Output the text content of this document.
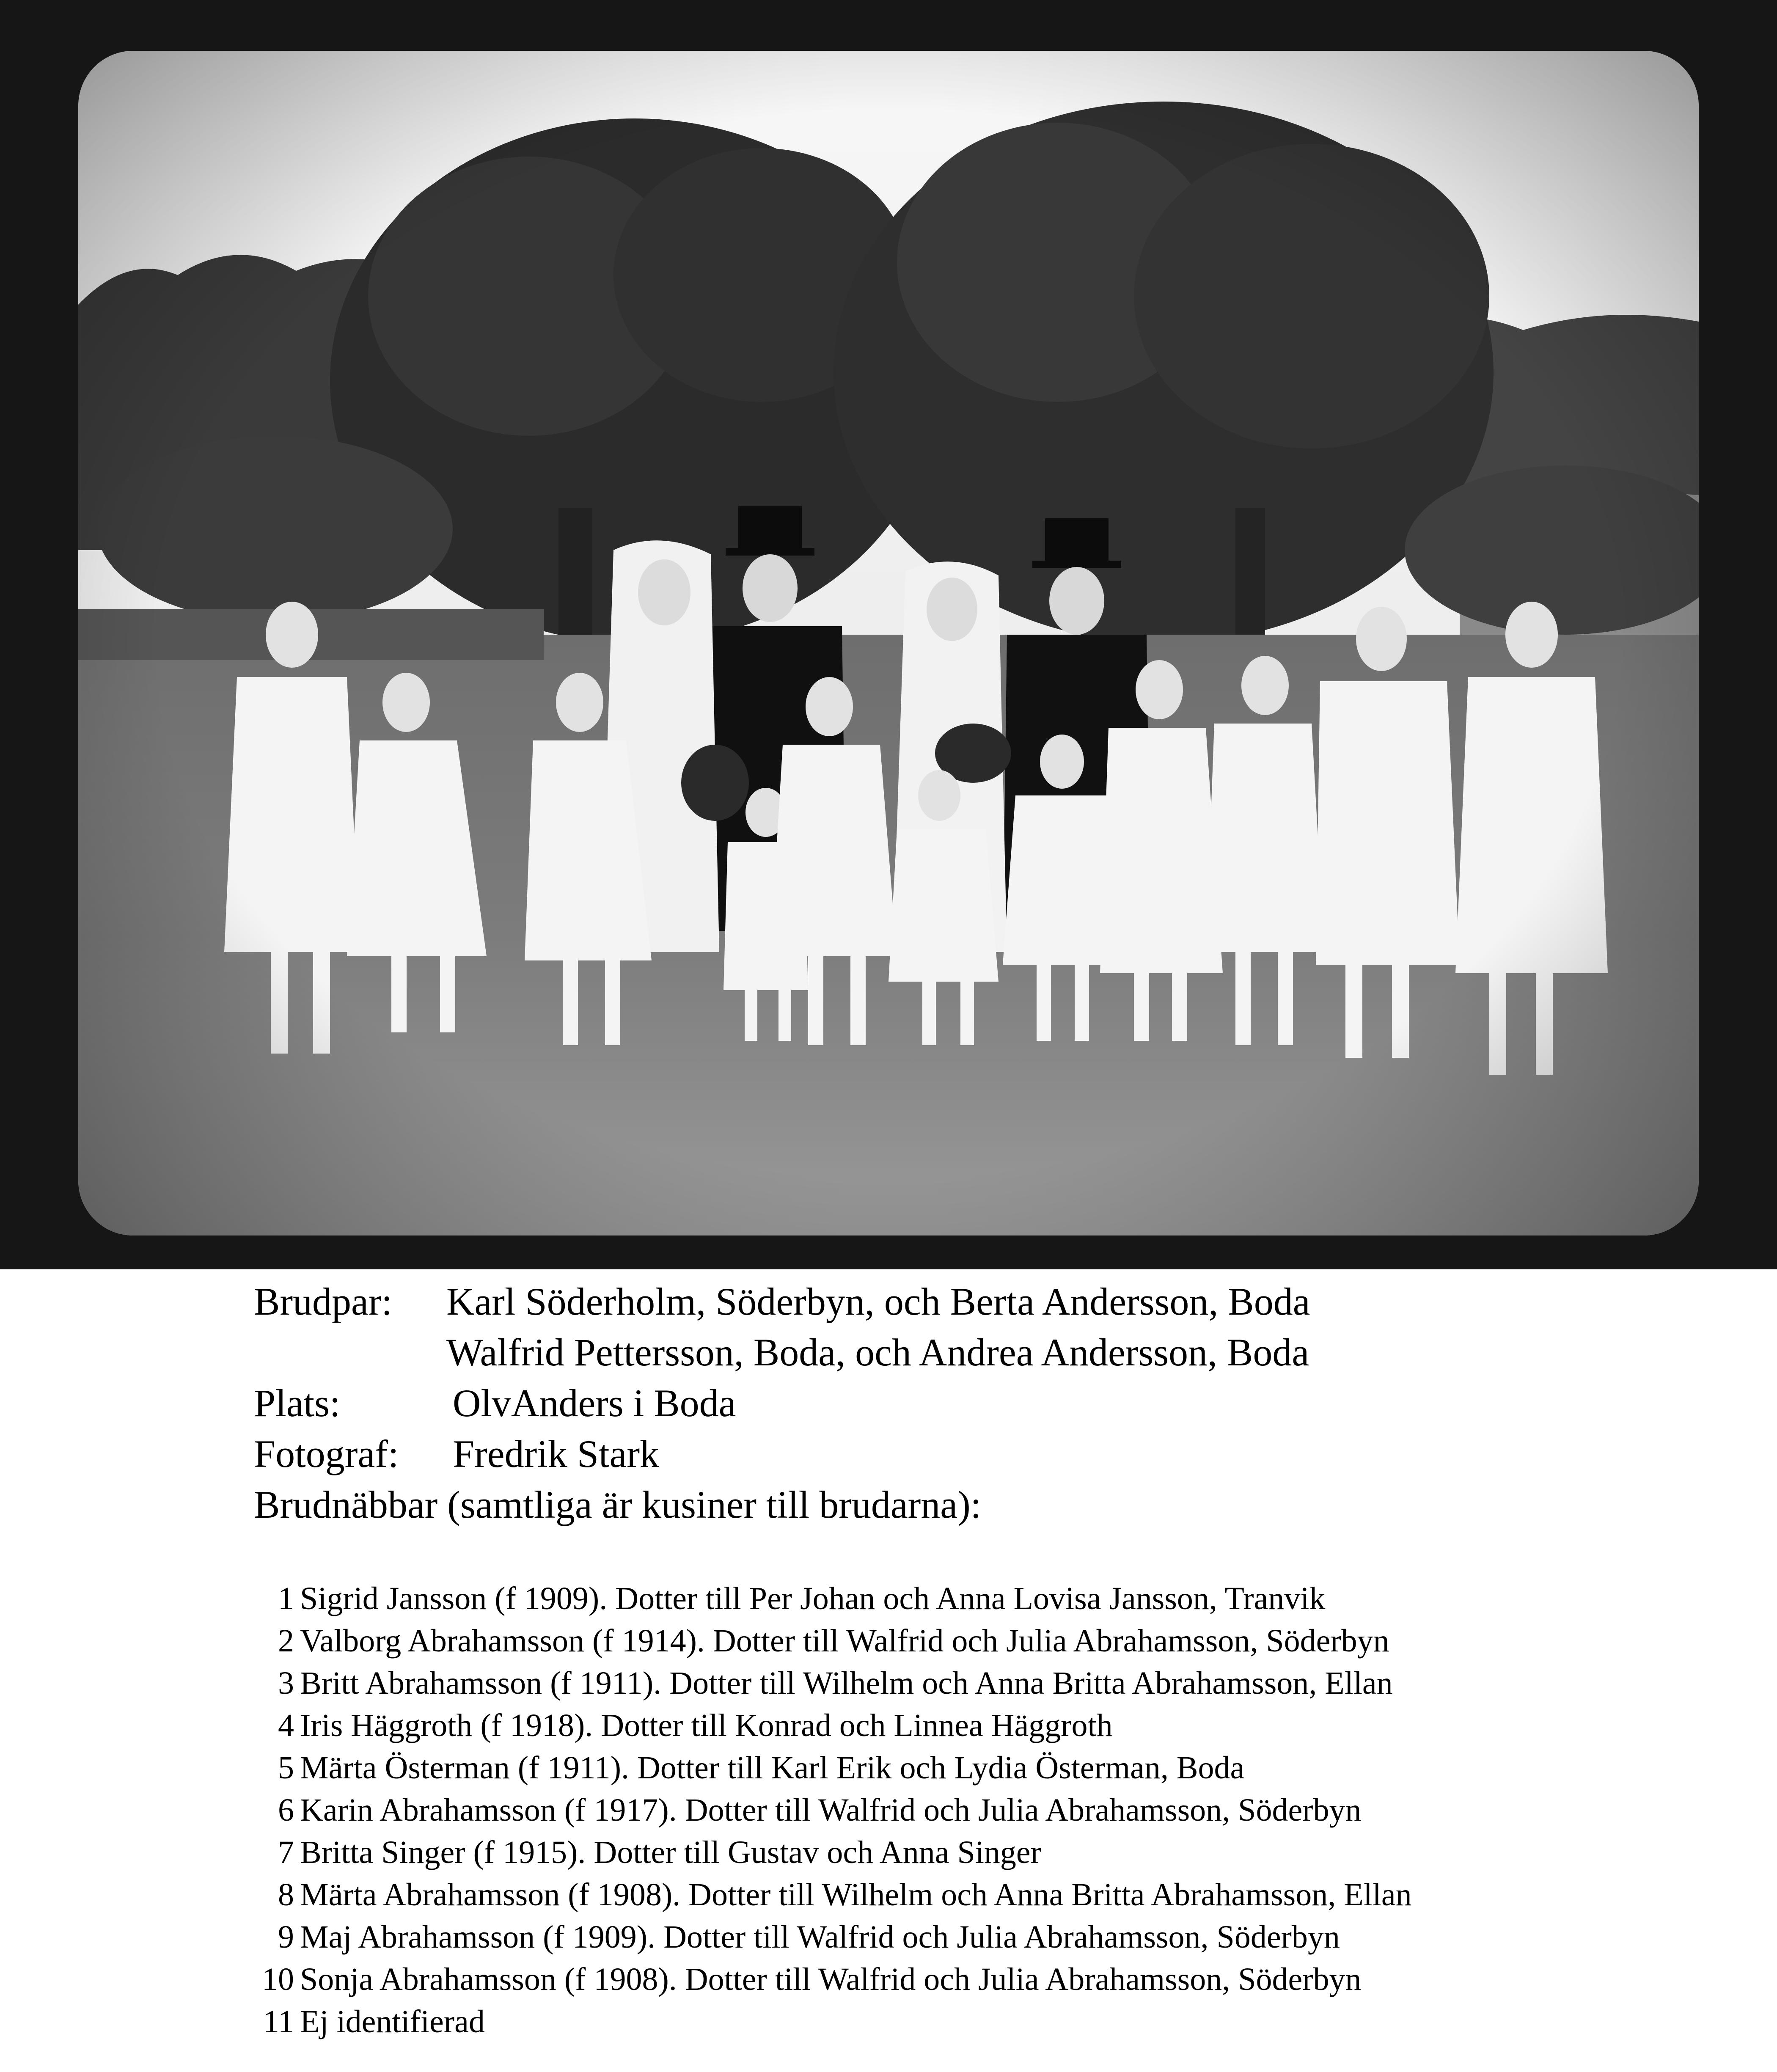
Brudpar: Karl Söderholm, Söderbyn, och Berta Andersson, Boda
Walfrid Pettersson, Boda, och Andrea Andersson, Boda
Plats:	OlvAnders i Boda
Fotograf: Fredrik Stark
Brudnäbbar (samtliga är kusiner till brudarna):
1 Sigrid Jansson (f 1909). Dotter till Per Johan och Anna Lovisa Jansson, Tranvik
2 Valborg Abrahamsson (f 1914). Dotter till Walfrid och Julia Abrahamsson, Söderbyn
3 Britt Abrahamsson (f 1911). Dotter till Wilhelm och Anna Britta Abrahamsson, Ellan
4 Iris Häggroth (f 1918). Dotter till Konrad och Linnea Häggroth
5 Märta Österman (f 1911). Dotter till Karl Erik och Lydia Österman, Boda
6 Karin Abrahamsson (f 1917). Dotter till Walfrid och Julia Abrahamsson, Söderbyn
7 Britta Singer (f 1915). Dotter till Gustav och Anna Singer
8 Märta Abrahamsson (f 1908). Dotter till Wilhelm och Anna Britta Abrahamsson, Ellan
9 Maj Abrahamsson (f 1909). Dotter till Walfrid och Julia Abrahamsson, Söderbyn
10 Sonja Abrahamsson (f 1908). Dotter till Walfrid och Julia Abrahamsson, Söderbyn
11 Ej identifierad
